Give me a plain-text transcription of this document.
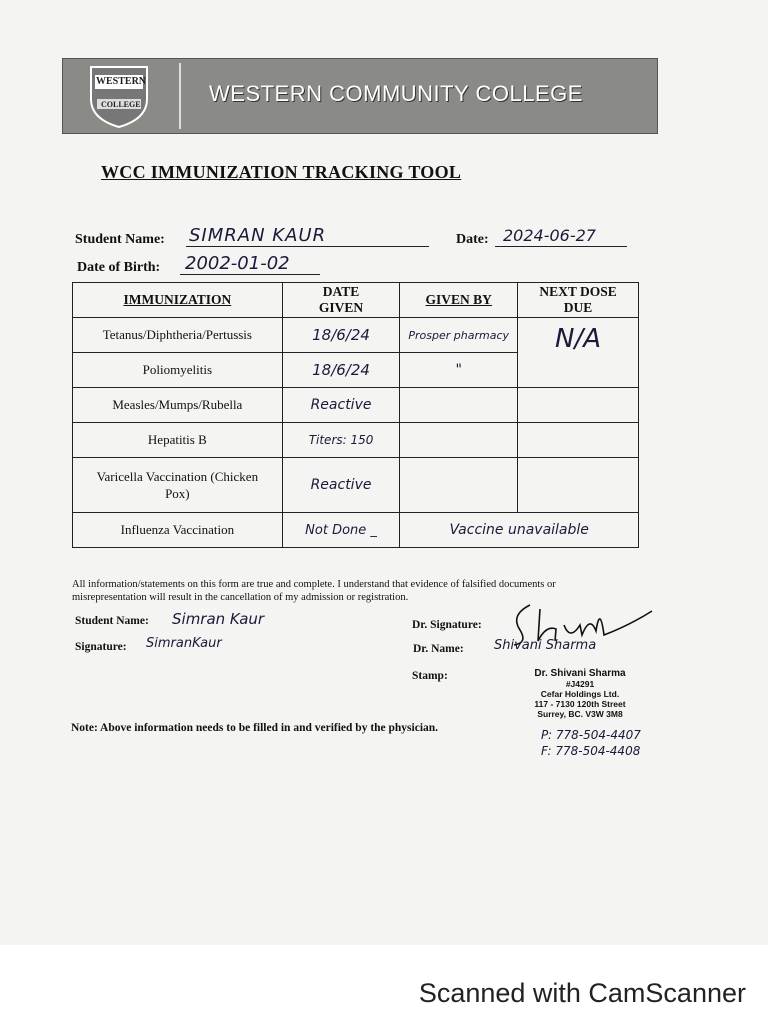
WESTERN
COLLEGE	WESTERN COMMUNITY COLLEGE
WCC IMMUNIZATION TRACKING TOOL
Student Name: SIMRAN KAUR	Date: 2024-06-27
Date of Birth: 2002-01-02
IMMUNIZATION	DATE GIVEN	GIVEN BY	NEXT DOSE DUE
Tetanus/Diphtheria/Pertussis	18/6/24	Prosper pharmacy	N/A
Poliomyelitis	18/6/24	"	
Measles/Mumps/Rubella	Reactive		
Hepatitis B	Titers: 150		
Varicella Vaccination (Chicken Pox)	Reactive		
Influenza Vaccination	Not Done _	Vaccine unavailable	
All information/statements on this form are true and complete. I understand that evidence of falsified documents or misrepresentation will result in the cancellation of my admission or registration.
Student Name: Simran Kaur
Signature: SimranKaur
Dr. Signature:
Dr. Name: Shivani Sharma
Stamp:	Dr. Shivani Sharma
#J4291
Cefar Holdings Ltd.
117 - 7130 120th Street
Surrey, BC. V3W 3M8
P: 778-504-4407
F: 778-504-4408
Note: Above information needs to be filled in and verified by the physician.
Scanned with CamScanner
